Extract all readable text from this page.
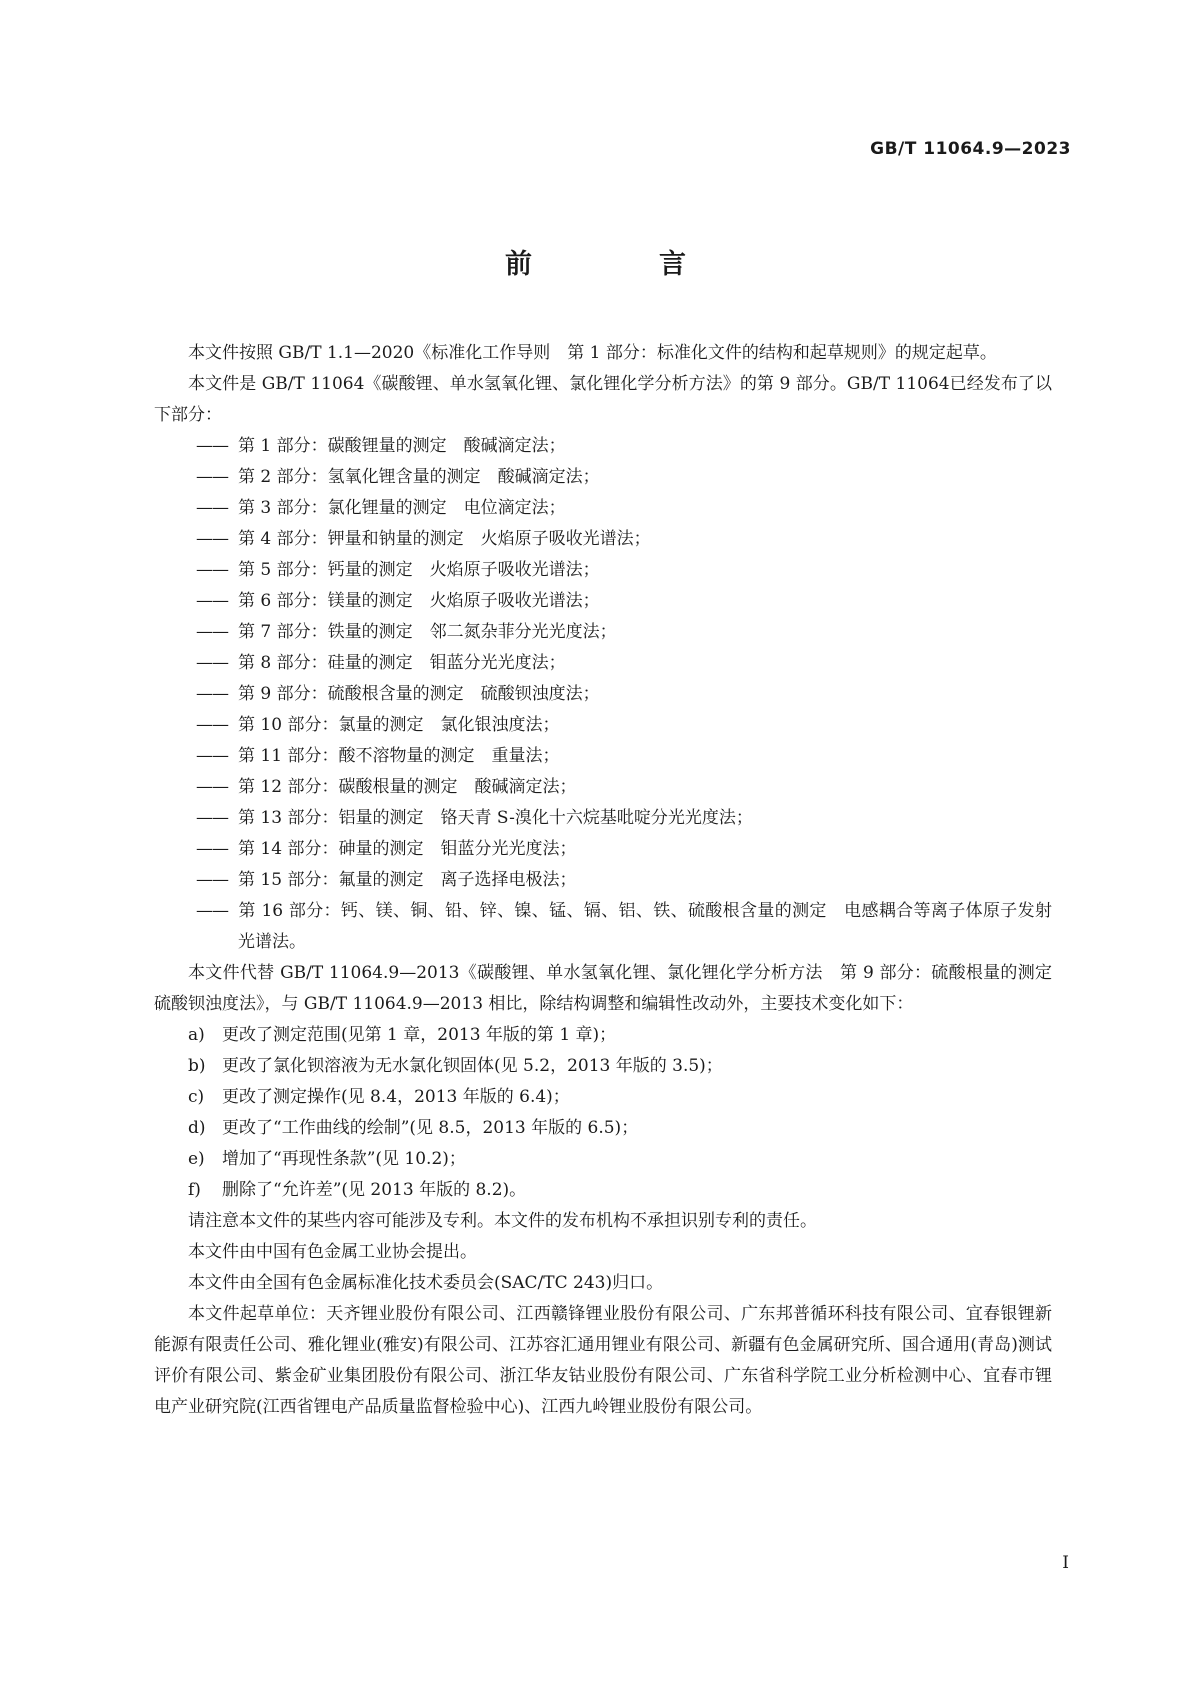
GB/T 11064.9—2023
前　言

本文件按照 GB/T 1.1—2020《标准化工作导则　第 1 部分：标准化文件的结构和起草规则》的规定起草。

本文件是 GB/T 11064《碳酸锂、单水氢氧化锂、氯化锂化学分析方法》的第 9 部分。GB/T 11064已经发布了以下部分：

—— 第 1 部分：碳酸锂量的测定　酸碱滴定法；

—— 第 2 部分：氢氧化锂含量的测定　酸碱滴定法；

—— 第 3 部分：氯化锂量的测定　电位滴定法；

—— 第 4 部分：钾量和钠量的测定　火焰原子吸收光谱法；

—— 第 5 部分：钙量的测定　火焰原子吸收光谱法；

—— 第 6 部分：镁量的测定　火焰原子吸收光谱法；

—— 第 7 部分：铁量的测定　邻二氮杂菲分光光度法；

—— 第 8 部分：硅量的测定　钼蓝分光光度法；

—— 第 9 部分：硫酸根含量的测定　硫酸钡浊度法；

—— 第 10 部分：氯量的测定　氯化银浊度法；

—— 第 11 部分：酸不溶物量的测定　重量法；

—— 第 12 部分：碳酸根量的测定　酸碱滴定法；

—— 第 13 部分：铝量的测定　铬天青 S-溴化十六烷基吡啶分光光度法；

—— 第 14 部分：砷量的测定　钼蓝分光光度法；

—— 第 15 部分：氟量的测定　离子选择电极法；

—— 第 16 部分：钙、镁、铜、铅、锌、镍、锰、镉、铝、铁、硫酸根含量的测定　电感耦合等离子体原子发射光谱法。

本文件代替 GB/T 11064.9—2013《碳酸锂、单水氢氧化锂、氯化锂化学分析方法　第 9 部分：硫酸根量的测定　硫酸钡浊度法》，与 GB/T 11064.9—2013 相比，除结构调整和编辑性改动外，主要技术变化如下：

a) 更改了测定范围(见第 1 章，2013 年版的第 1 章)；

b) 更改了氯化钡溶液为无水氯化钡固体(见 5.2，2013 年版的 3.5)；

c) 更改了测定操作(见 8.4，2013 年版的 6.4)；

d) 更改了“工作曲线的绘制”(见 8.5，2013 年版的 6.5)；

e) 增加了“再现性条款”(见 10.2)；

f) 删除了“允许差”(见 2013 年版的 8.2)。

请注意本文件的某些内容可能涉及专利。本文件的发布机构不承担识别专利的责任。

本文件由中国有色金属工业协会提出。

本文件由全国有色金属标准化技术委员会(SAC/TC 243)归口。

本文件起草单位：天齐锂业股份有限公司、江西赣锋锂业股份有限公司、广东邦普循环科技有限公司、宜春银锂新能源有限责任公司、雅化锂业(雅安)有限公司、江苏容汇通用锂业有限公司、新疆有色金属研究所、国合通用(青岛)测试评价有限公司、紫金矿业集团股份有限公司、浙江华友钴业股份有限公司、广东省科学院工业分析检测中心、宜春市锂电产业研究院(江西省锂电产品质量监督检验中心)、江西九岭锂业股份有限公司。

Ⅰ
